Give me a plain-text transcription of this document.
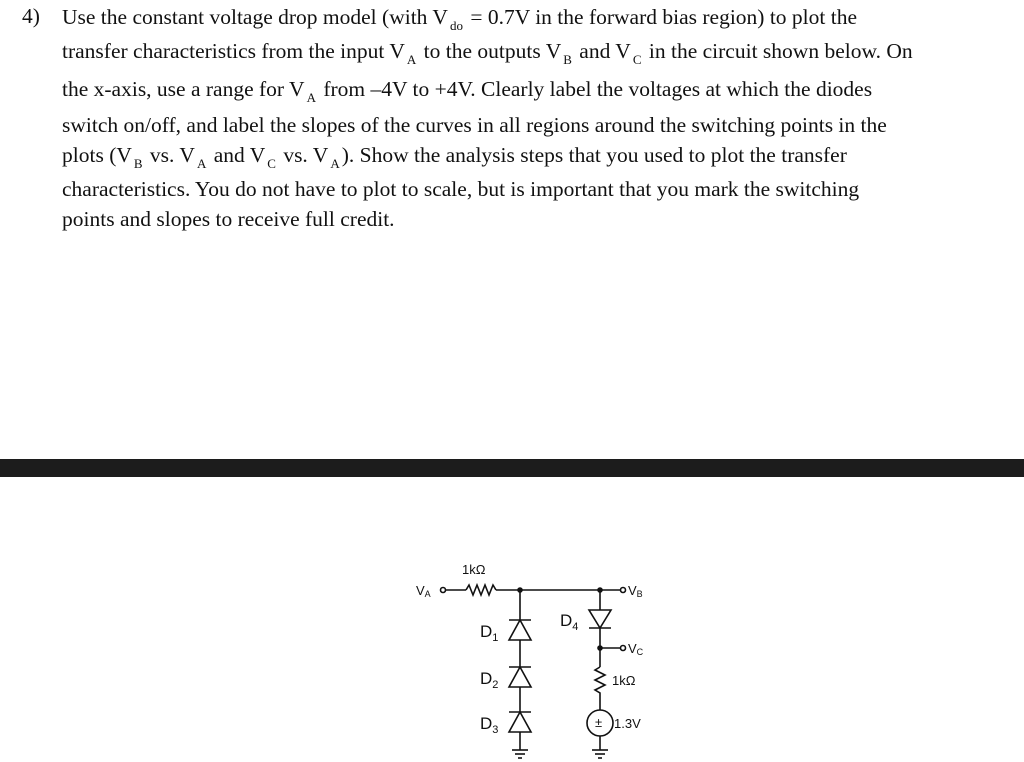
4) Use the constant voltage drop model (with V $_{do}$ = 0.7V in the forward bias region) to plot the
transfer characteristics from the input V $_A$ to the outputs V $_B$ and V $_C$ in the circuit shown below. On
the x-axis, use a range for V $_A$ from –4V to +4V. Clearly label the voltages at which the diodes
switch on/off, and label the slopes of the curves in all regions around the switching points in the
plots (V $_B$ vs. V $_A$ and V $_C$ vs. V $_A$). Show the analysis steps that you used to plot the transfer
characteristics. You do not have to plot to scale, but is important that you mark the switching
points and slopes to receive full credit.
VA
1kΩ
VB
$D_1$
$D_2$
$D_3$
$D_4$
VC
1kΩ
± 1.3V
